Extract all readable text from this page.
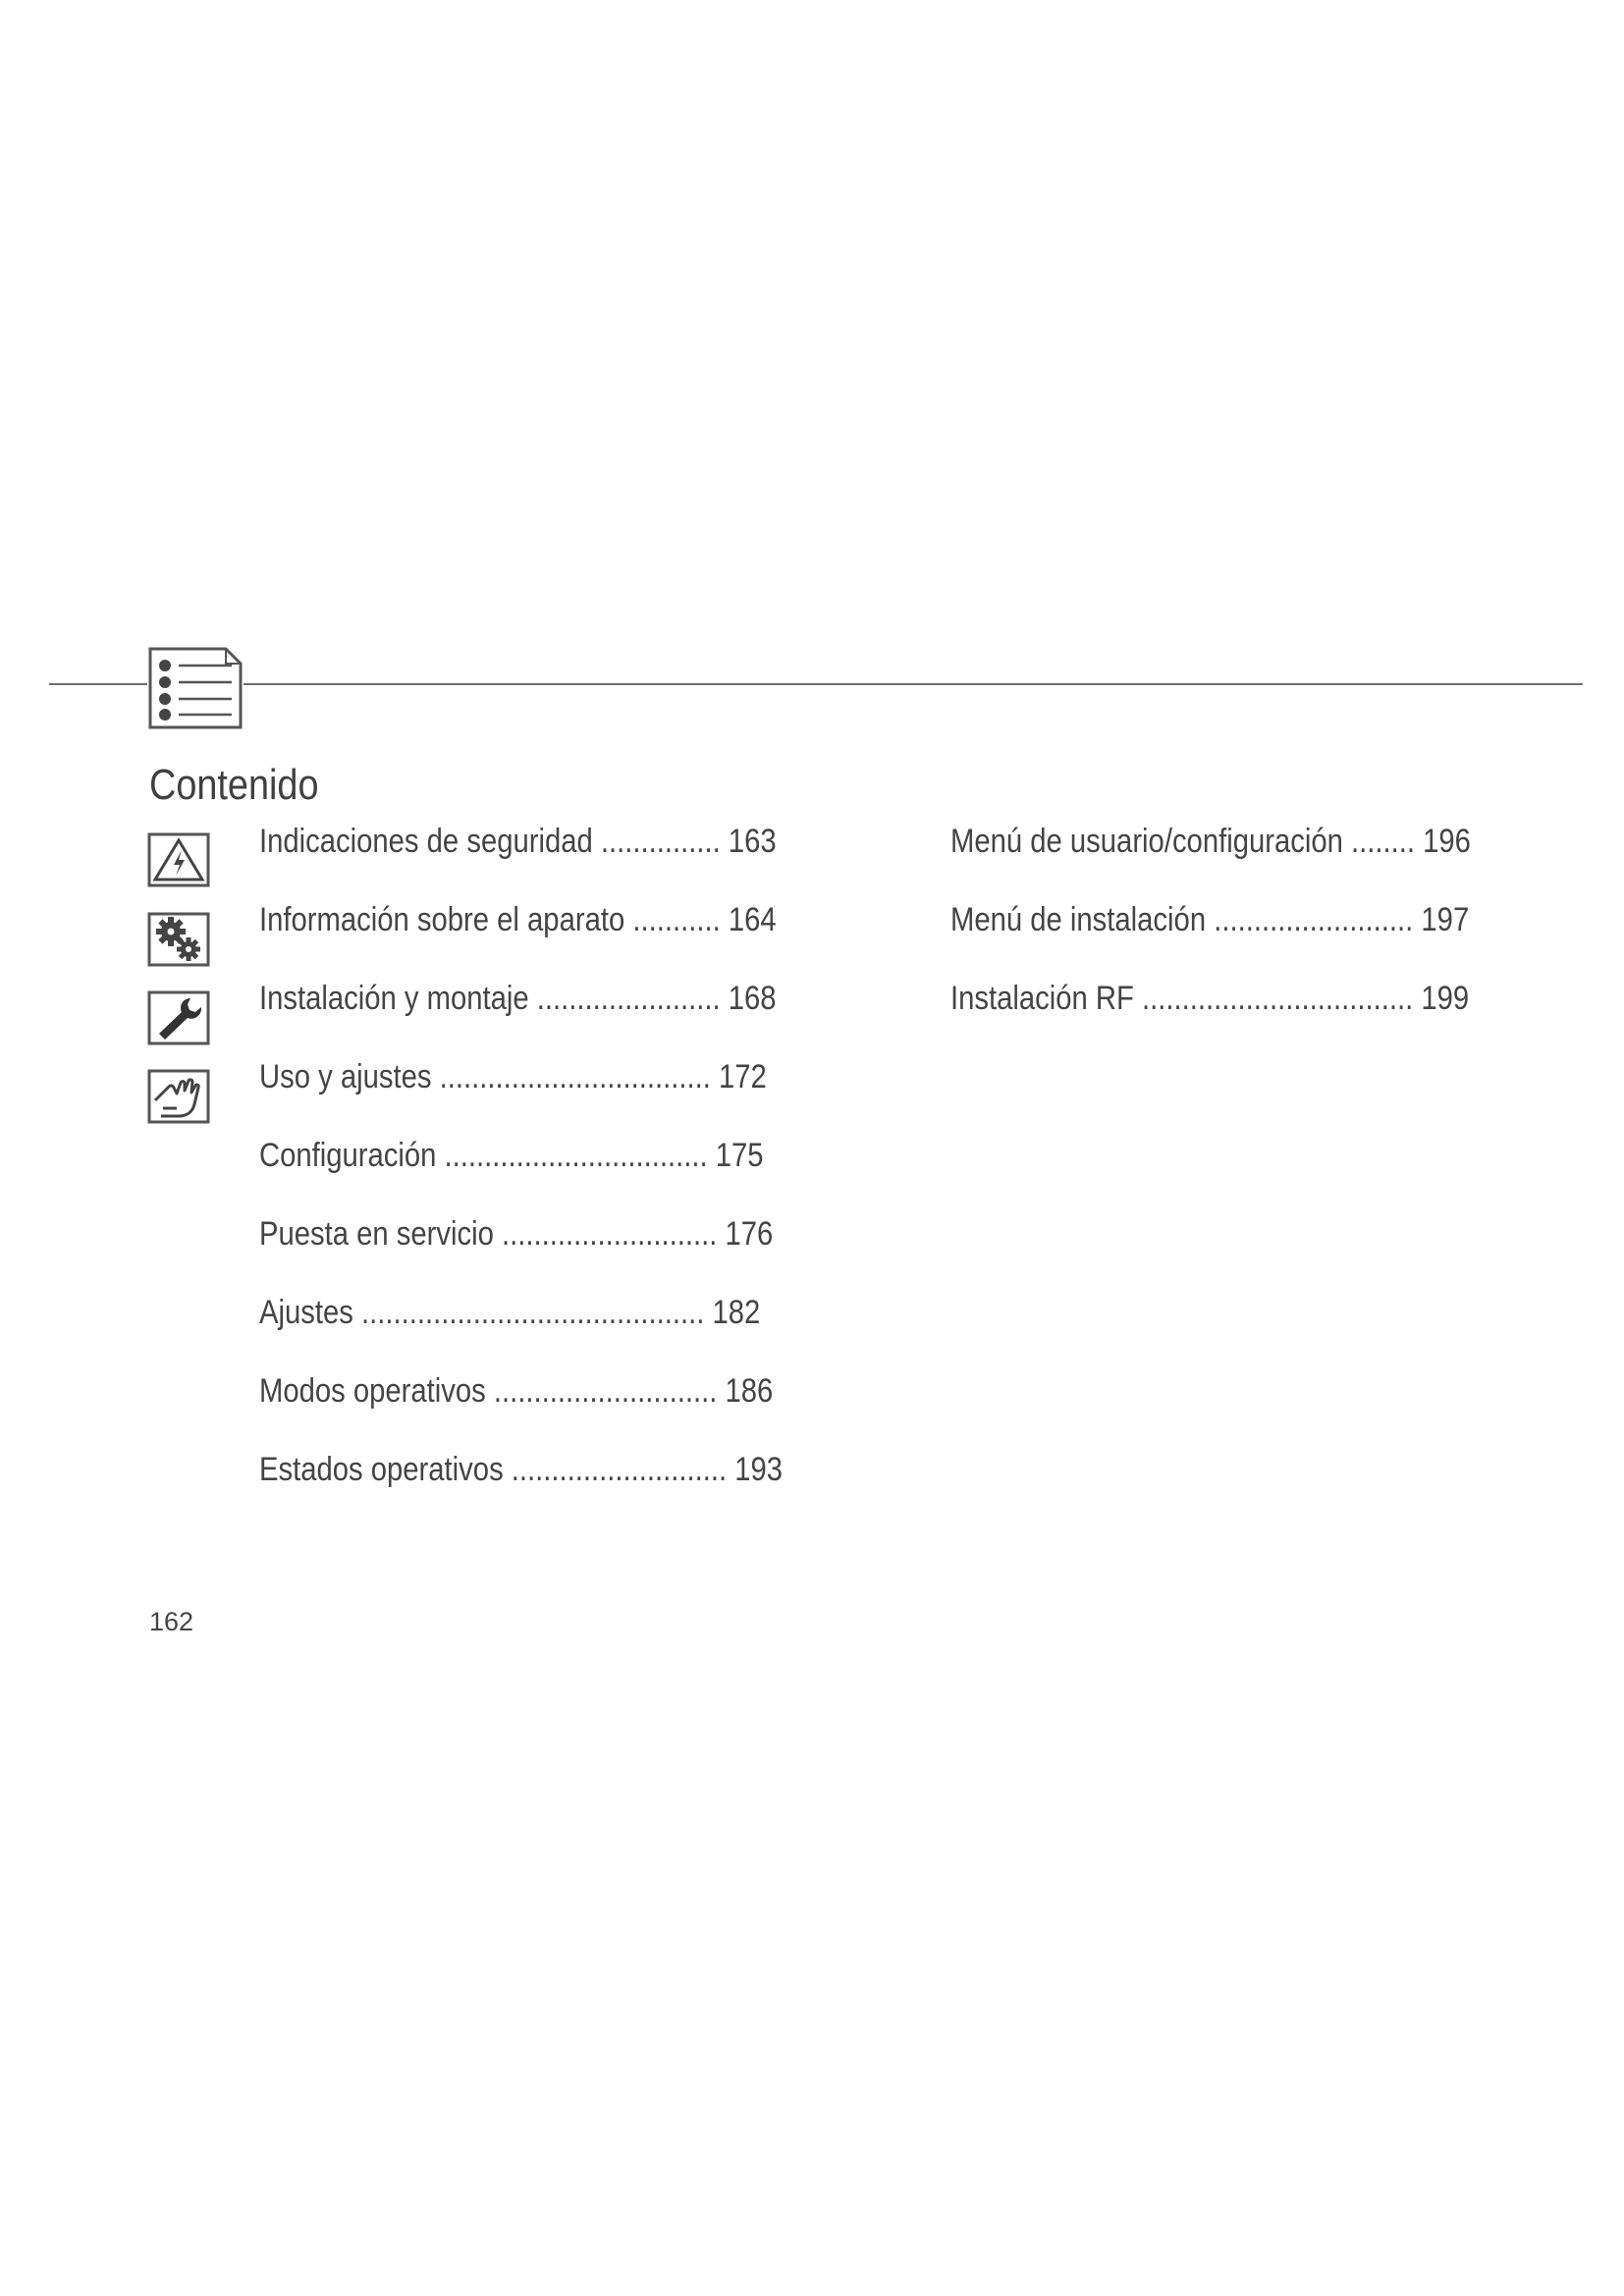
Contenido
Indicaciones de seguridad ............... 163
Información sobre el aparato ........... 164
Instalación y montaje ....................... 168
Uso y ajustes .................................. 172
Configuración ................................. 175
Puesta en servicio ........................... 176
Ajustes ........................................... 182
Modos operativos ............................ 186
Estados operativos ........................... 193
Menú de usuario/configuración ........ 196
Menú de instalación ......................... 197
Instalación RF .................................. 199
162
